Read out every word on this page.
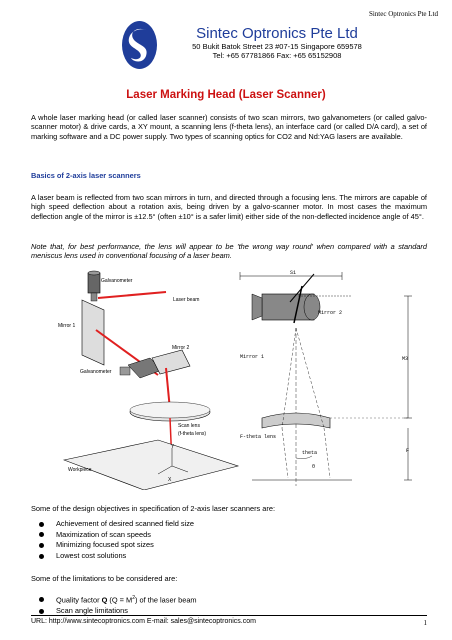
Sintec Optronics Pte Ltd
Sintec Optronics Pte Ltd
50 Bukit Batok Street 23 #07-15 Singapore 659578
Tel: +65 67781866 Fax: +65 65152908
Laser Marking Head (Laser Scanner)
A whole laser marking head (or called laser scanner) consists of two scan mirrors, two galvanometers (or called galvo-scanner motor) & drive cards, a XY mount, a scanning lens (f-theta lens), an interface card (or called D/A card), a set of marking software and a DC power supply. Two types of scanning optics for CO2 and Nd:YAG lasers are available.
Basics of 2-axis laser scanners
A laser beam is reflected from two scan mirrors in turn, and directed through a focusing lens. The mirrors are capable of high speed deflection about a rotation axis, being driven by a galvo-scanner motor. In most cases the maximum deflection angle of the mirror is ±12.5° (often ±10° is a safer limit) either side of the non-deflected incidence angle of 45°.
Note that, for best performance, the lens will appear to be 'the wrong way round' when compared with a standard meniscus lens used in conventional focusing of a laser beam.
Galvanometer
Laser beam
Mirror 1
Mirror 2
Galvanometer
Scan lens
(f-theta lens)
Workpiece
Y
X
S1
Mirror 2
Mirror 1	M3
F-theta lens
F
theta
θ
Some of the design objectives in specification of 2-axis laser scanners are:
Achievement of desired scanned field size
Maximization of scan speeds
Minimizing focused spot sizes
Lowest cost solutions
Some of the limitations to be considered are:
Quality factor Q $(Q = M^2)$ of the laser beam
Scan angle limitations
URL: http://www.sintecoptronics.com E-mail: sales@sintecoptronics.com	1
